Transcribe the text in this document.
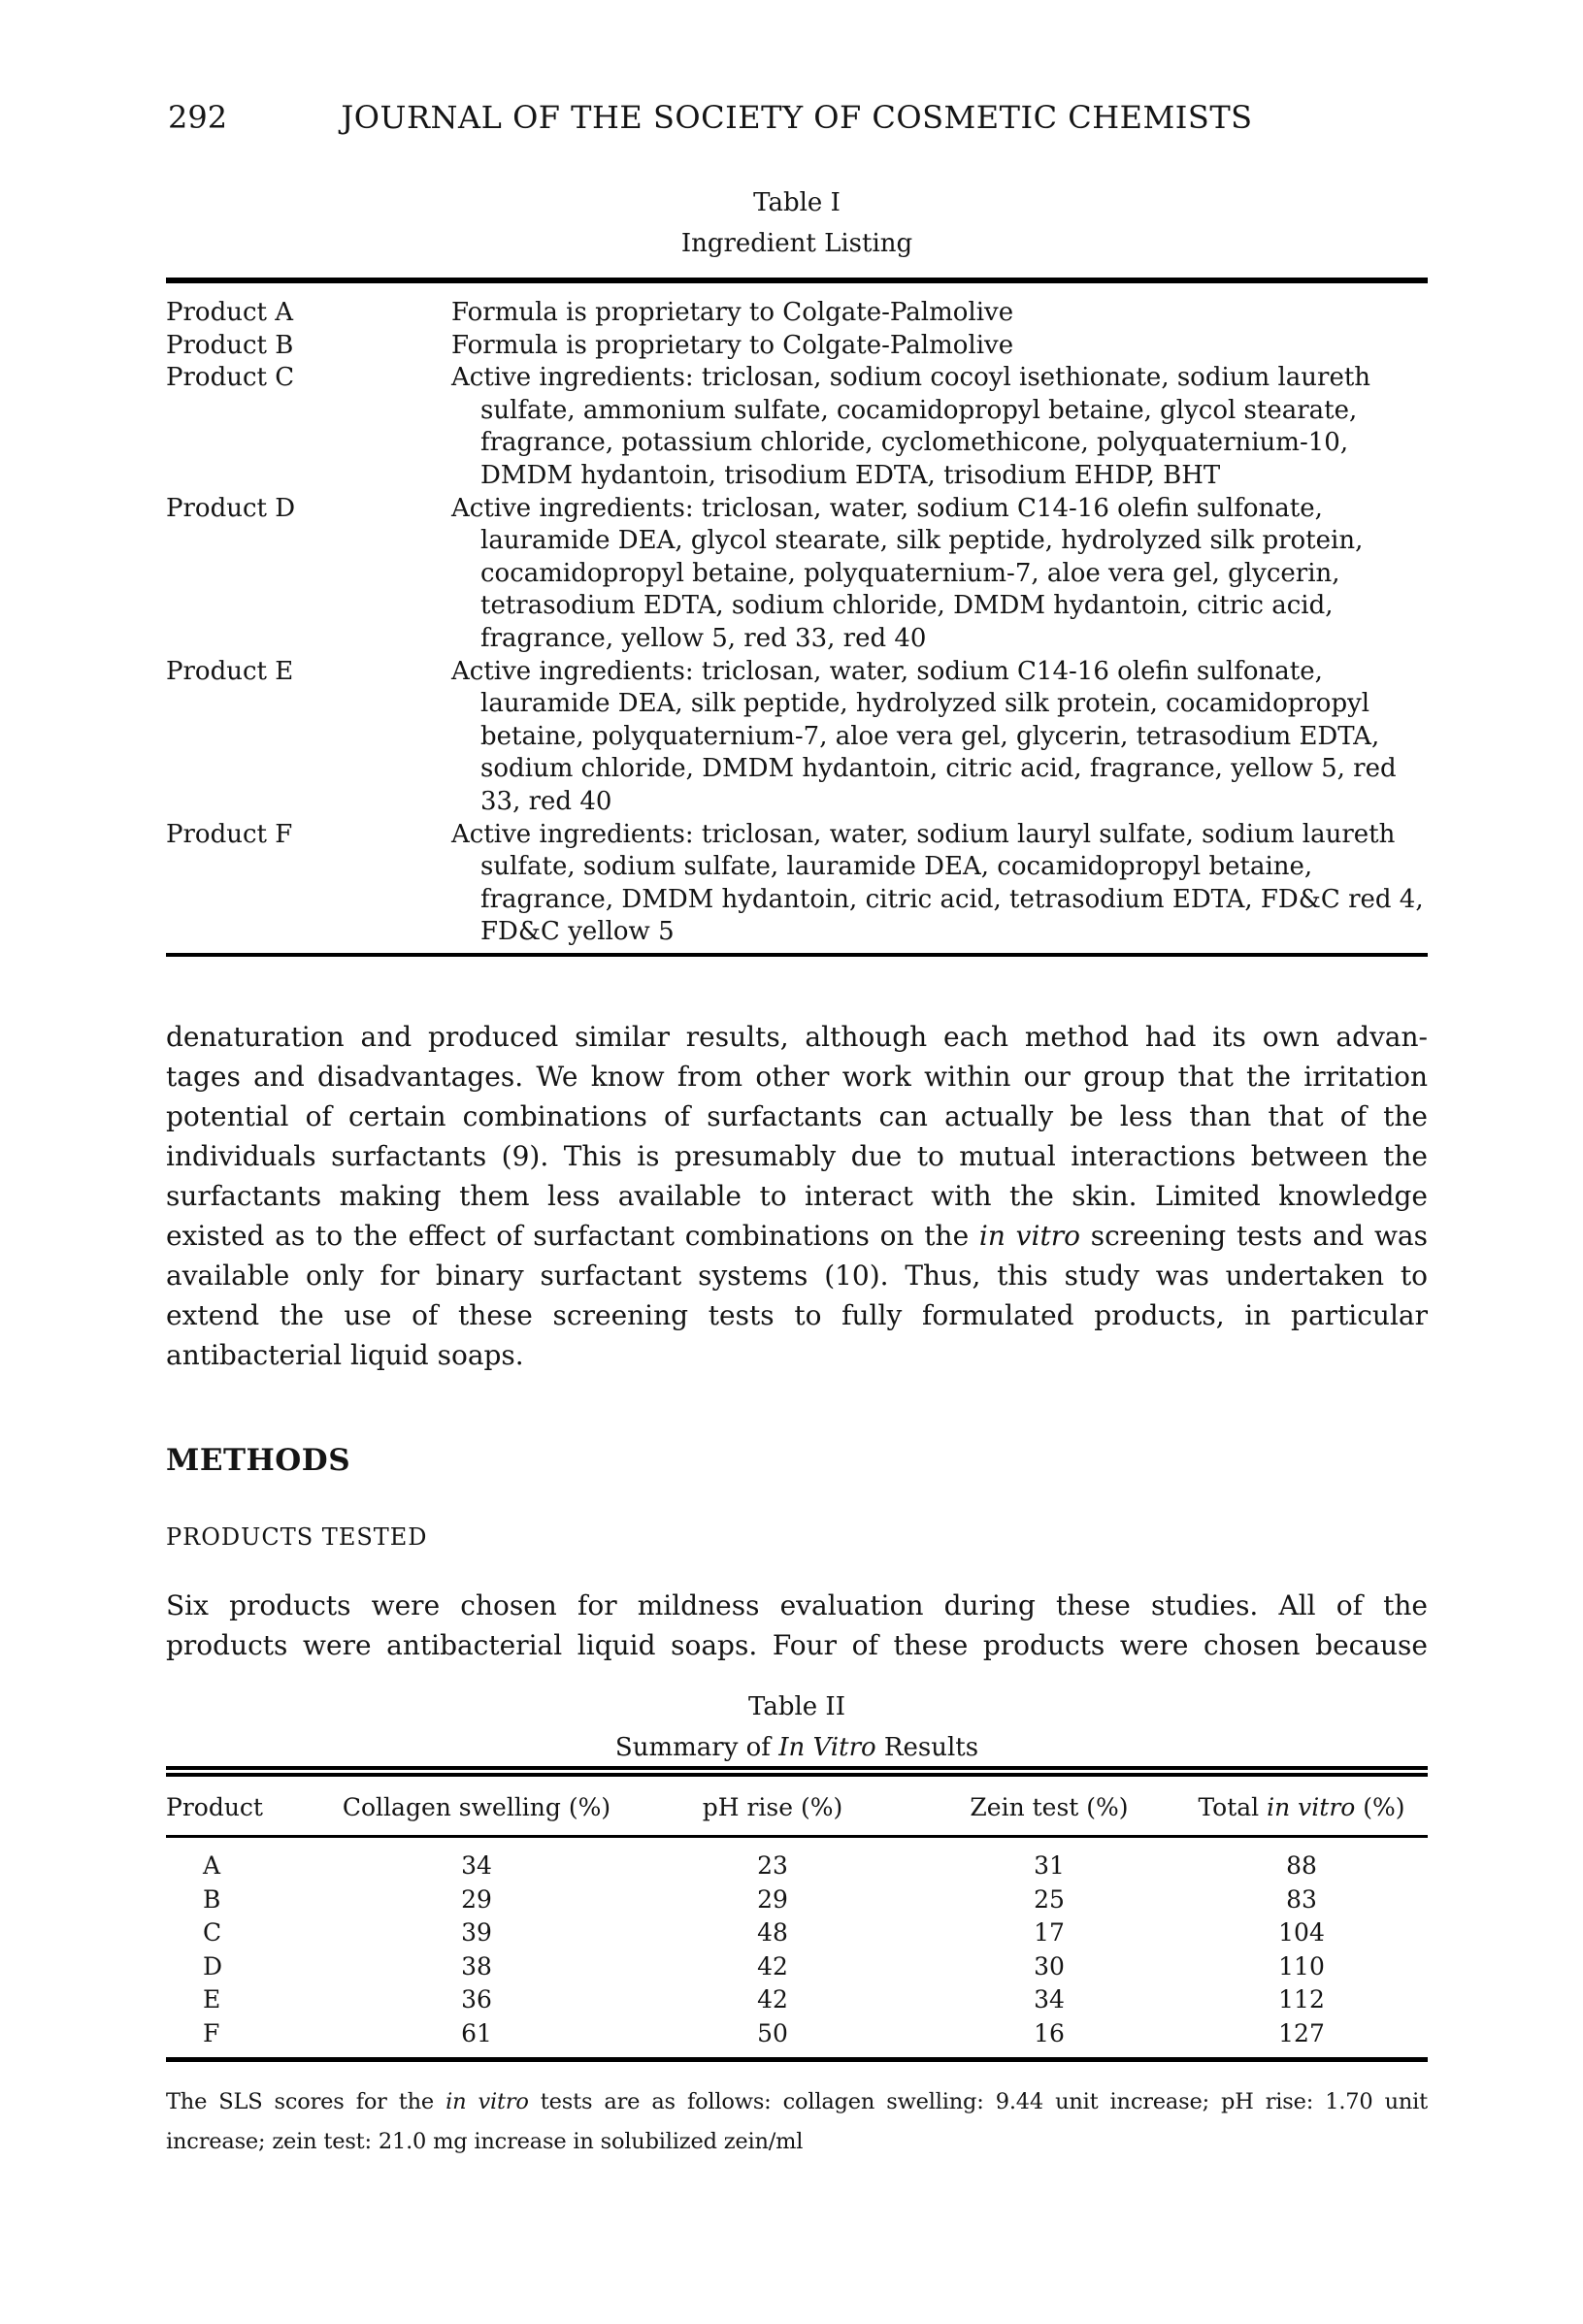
292	JOURNAL OF THE SOCIETY OF COSMETIC CHEMISTS
Table I
Ingredient Listing
Product A	Formula is proprietary to Colgate-Palmolive
Product B	Formula is proprietary to Colgate-Palmolive
Product C	Active ingredients: triclosan, sodium cocoyl isethionate, sodium laureth sulfate, ammonium sulfate, cocamidopropyl betaine, glycol stearate, fragrance, potassium chloride, cyclomethicone, polyquaternium-10, DMDM hydantoin, trisodium EDTA, trisodium EHDP, BHT
Product D	Active ingredients: triclosan, water, sodium C14-16 olefin sulfonate, lauramide DEA, glycol stearate, silk peptide, hydrolyzed silk protein, cocamidopropyl betaine, polyquaternium-7, aloe vera gel, glycerin, tetrasodium EDTA, sodium chloride, DMDM hydantoin, citric acid, fragrance, yellow 5, red 33, red 40
Product E	Active ingredients: triclosan, water, sodium C14-16 olefin sulfonate, lauramide DEA, silk peptide, hydrolyzed silk protein, cocamidopropyl betaine, polyquaternium-7, aloe vera gel, glycerin, tetrasodium EDTA, sodium chloride, DMDM hydantoin, citric acid, fragrance, yellow 5, red 33, red 40
Product F	Active ingredients: triclosan, water, sodium lauryl sulfate, sodium laureth sulfate, sodium sulfate, lauramide DEA, cocamidopropyl betaine, fragrance, DMDM hydantoin, citric acid, tetrasodium EDTA, FD&C red 4, FD&C yellow 5
denaturation and produced similar results, although each method had its own advan-
tages and disadvantages. We know from other work within our group that the irritation
potential of certain combinations of surfactants can actually be less than that of the
individuals surfactants (9). This is presumably due to mutual interactions between the
surfactants making them less available to interact with the skin. Limited knowledge
existed as to the effect of surfactant combinations on the in vitro screening tests and was
available only for binary surfactant systems (10). Thus, this study was undertaken to
extend the use of these screening tests to fully formulated products, in particular
antibacterial liquid soaps.
METHODS
PRODUCTS TESTED
Six products were chosen for mildness evaluation during these studies. All of the
products were antibacterial liquid soaps. Four of these products were chosen because
Table II
Summary of In Vitro Results
Product	Collagen swelling (%)	pH rise (%)	Zein test (%)	Total in vitro (%)
A	34	23	31	88
B	29	29	25	83
C	39	48	17	104
D	38	42	30	110
E	36	42	34	112
F	61	50	16	127
The SLS scores for the in vitro tests are as follows: collagen swelling: 9.44 unit increase; pH rise: 1.70 unit
increase; zein test: 21.0 mg increase in solubilized zein/ml
